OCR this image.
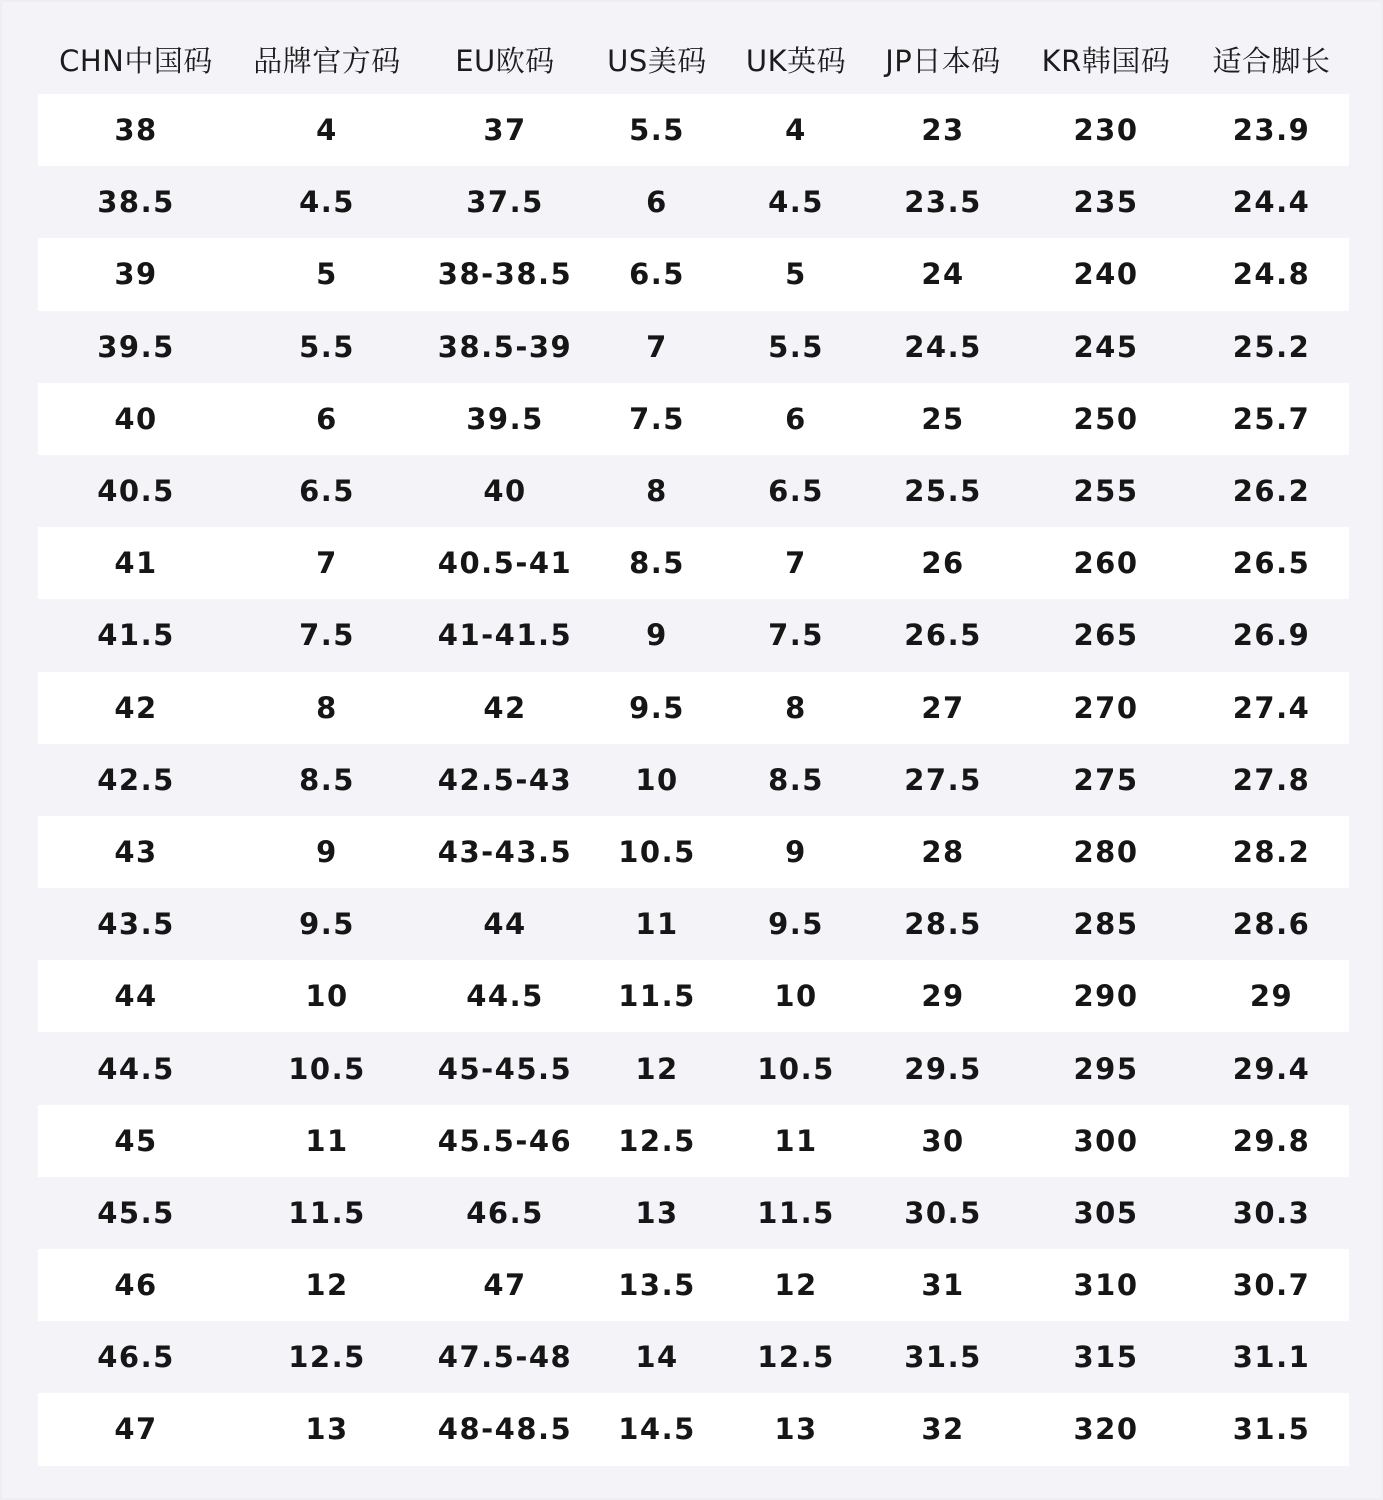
CHN中国码	品牌官方码	EU欧码	US美码	UK英码	JP日本码	KR韩国码	适合脚长
38	4	37	5.5	4	23	230	23.9
38.5	4.5	37.5	6	4.5	23.5	235	24.4
39	5	38-38.5	6.5	5	24	240	24.8
39.5	5.5	38.5-39	7	5.5	24.5	245	25.2
40	6	39.5	7.5	6	25	250	25.7
40.5	6.5	40	8	6.5	25.5	255	26.2
41	7	40.5-41	8.5	7	26	260	26.5
41.5	7.5	41-41.5	9	7.5	26.5	265	26.9
42	8	42	9.5	8	27	270	27.4
42.5	8.5	42.5-43	10	8.5	27.5	275	27.8
43	9	43-43.5	10.5	9	28	280	28.2
43.5	9.5	44	11	9.5	28.5	285	28.6
44	10	44.5	11.5	10	29	290	29
44.5	10.5	45-45.5	12	10.5	29.5	295	29.4
45	11	45.5-46	12.5	11	30	300	29.8
45.5	11.5	46.5	13	11.5	30.5	305	30.3
46	12	47	13.5	12	31	310	30.7
46.5	12.5	47.5-48	14	12.5	31.5	315	31.1
47	13	48-48.5	14.5	13	32	320	31.5
